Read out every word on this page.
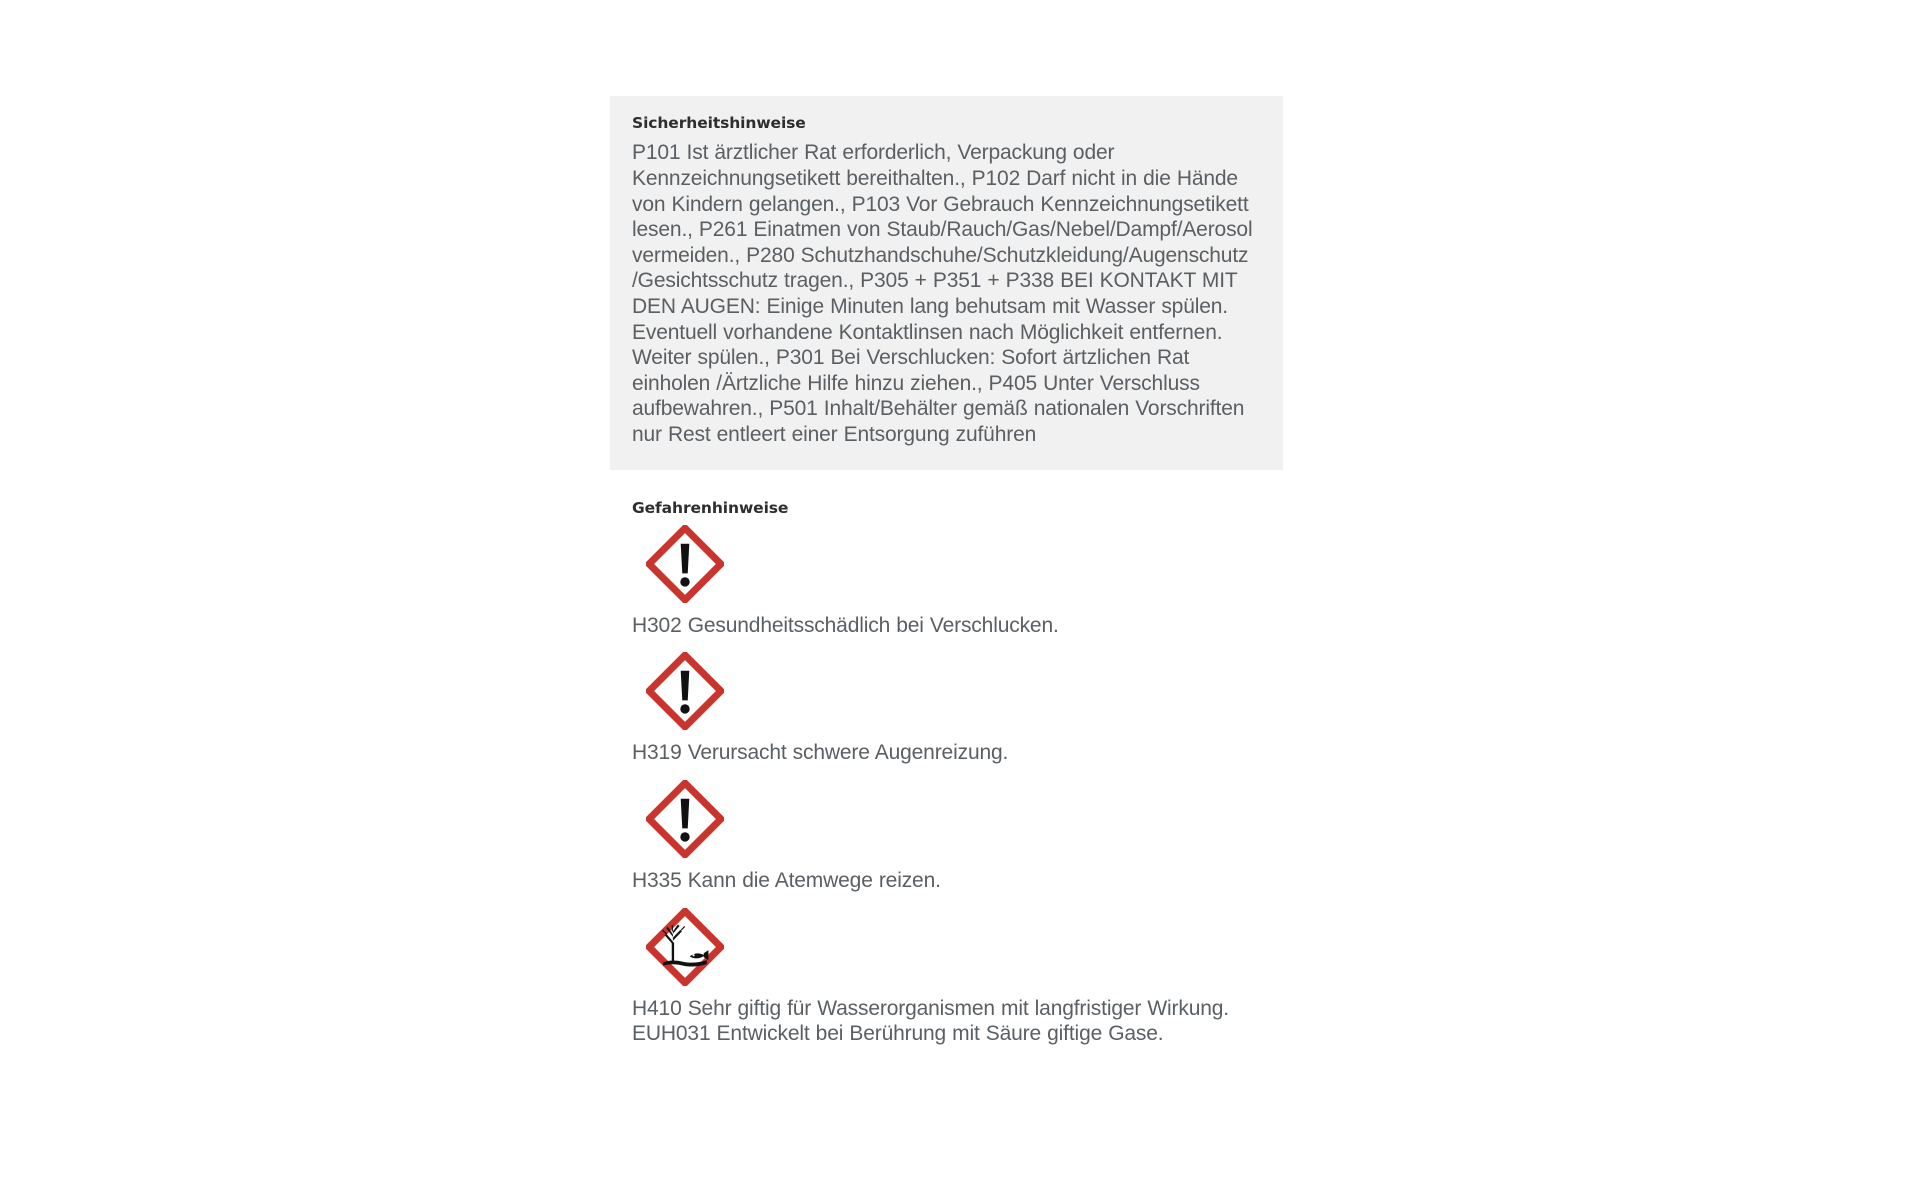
Sicherheitshinweise

P101 Ist ärztlicher Rat erforderlich, Verpackung oder Kennzeichnungsetikett bereithalten., P102 Darf nicht in die Hände von Kindern gelangen., P103 Vor Gebrauch Kennzeichnungsetikett lesen., P261 Einatmen von Staub/Rauch/Gas/Nebel/Dampf/Aerosol vermeiden., P280 Schutzhandschuhe/Schutzkleidung/Augenschutz /Gesichtsschutz tragen., P305 + P351 + P338 BEI KONTAKT MIT DEN AUGEN: Einige Minuten lang behutsam mit Wasser spülen. Eventuell vorhandene Kontaktlinsen nach Möglichkeit entfernen. Weiter spülen., P301 Bei Verschlucken: Sofort ärtzlichen Rat einholen /Ärtzliche Hilfe hinzu ziehen., P405 Unter Verschluss aufbewahren., P501 Inhalt/Behälter gemäß nationalen Vorschriften nur Rest entleert einer Entsorgung zuführen

Gefahrenhinweise

H302 Gesundheitsschädlich bei Verschlucken.

H319 Verursacht schwere Augenreizung.

H335 Kann die Atemwege reizen.

H410 Sehr giftig für Wasserorganismen mit langfristiger Wirkung.

EUH031 Entwickelt bei Berührung mit Säure giftige Gase.
